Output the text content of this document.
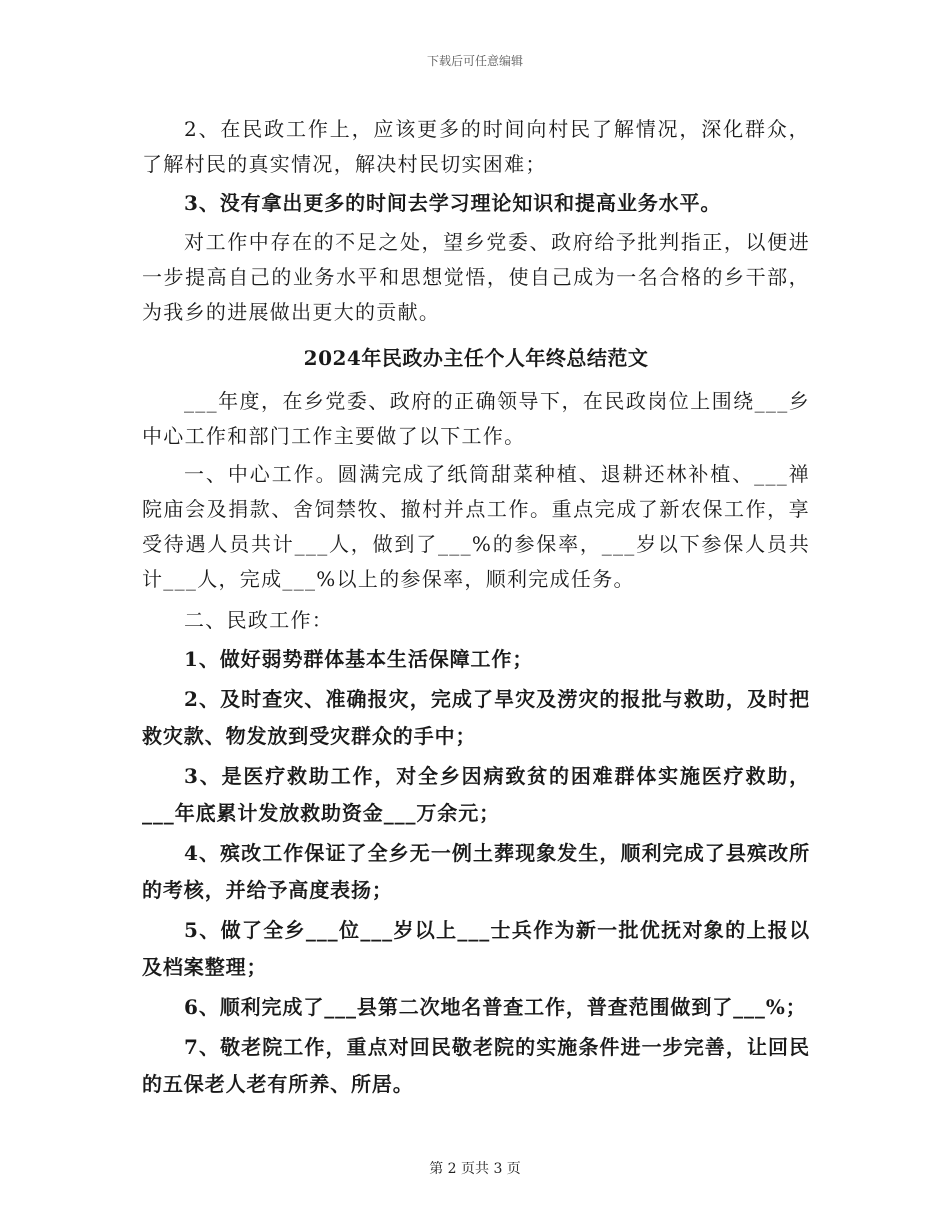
下载后可任意编辑

2、在民政工作上，应该更多的时间向村民了解情况，深化群众，了解村民的真实情况，解决村民切实困难；

3、没有拿出更多的时间去学习理论知识和提高业务水平。

对工作中存在的不足之处，望乡党委、政府给予批判指正，以便进一步提高自己的业务水平和思想觉悟，使自己成为一名合格的乡干部，为我乡的进展做出更大的贡献。

2024年民政办主任个人年终总结范文

___年度，在乡党委、政府的正确领导下，在民政岗位上围绕___乡中心工作和部门工作主要做了以下工作。

一、中心工作。圆满完成了纸筒甜菜种植、退耕还林补植、___禅院庙会及捐款、舍饲禁牧、撤村并点工作。重点完成了新农保工作，享受待遇人员共计___人，做到了___%的参保率，___岁以下参保人员共计___人，完成___%以上的参保率，顺利完成任务。

二、民政工作：

1、做好弱势群体基本生活保障工作；

2、及时查灾、准确报灾，完成了旱灾及涝灾的报批与救助，及时把救灾款、物发放到受灾群众的手中；

3、是医疗救助工作，对全乡因病致贫的困难群体实施医疗救助，___年底累计发放救助资金___万余元；

4、殡改工作保证了全乡无一例土葬现象发生，顺利完成了县殡改所的考核，并给予高度表扬；

5、做了全乡___位___岁以上___士兵作为新一批优抚对象的上报以及档案整理；

6、顺利完成了___县第二次地名普查工作，普查范围做到了___%；

7、敬老院工作，重点对回民敬老院的实施条件进一步完善，让回民的五保老人老有所养、所居。

第 2 页共 3 页
